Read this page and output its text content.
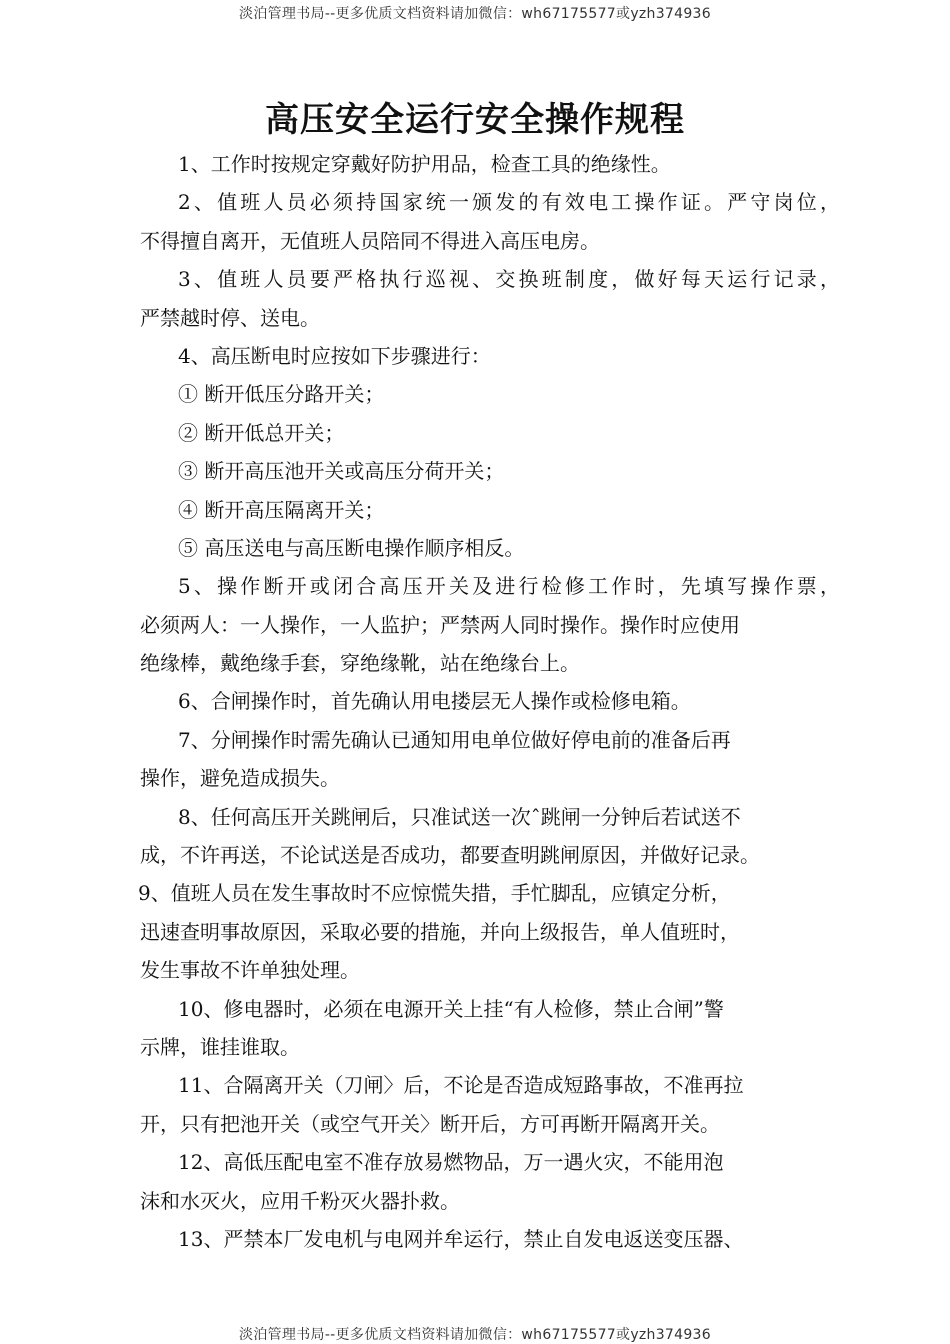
淡泊管理书局--更多优质文档资料请加微信：wh67175577或yzh374936
高压安全运行安全操作规程
1、工作时按规定穿戴好防护用品，检查工具的绝缘性。
2、值班人员必须持国家统一颁发的有效电工操作证。严守岗位，
不得擅自离开，无值班人员陪同不得进入高压电房。
3、值班人员要严格执行巡视、交换班制度，做好每天运行记录，
严禁越时停、送电。
4、高压断电时应按如下步骤进行：
① 断开低压分路开关；
② 断开低总开关；
③ 断开高压池开关或高压分荷开关；
④ 断开高压隔离开关；
⑤ 高压送电与高压断电操作顺序相反。
5、操作断开或闭合高压开关及进行检修工作时，先填写操作票，
必须两人：一人操作，一人监护；严禁两人同时操作。操作时应使用
绝缘棒，戴绝缘手套，穿绝缘靴，站在绝缘台上。
6、合闸操作时，首先确认用电搂层无人操作或检修电箱。
7、分闸操作时需先确认已通知用电单位做好停电前的准备后再
操作，避免造成损失。
8、任何高压开关跳闸后，只准试送一次ˆ跳闸一分钟后若试送不
成，不许再送，不论试送是否成功，都要查明跳闸原因，并做好记录。
9、值班人员在发生事故时不应惊慌失措，手忙脚乱，应镇定分析，
迅速查明事故原因，采取必要的措施，并向上级报告，单人值班时，
发生事故不许单独处理。
10、修电器时，必须在电源开关上挂“有人检修，禁止合闸”警
示牌，谁挂谁取。
11、合隔离开关（刀闸〉后，不论是否造成短路事故，不准再拉
开，只有把池开关（或空气开关〉断开后，方可再断开隔离开关。
12、高低压配电室不准存放易燃物品，万一遇火灾，不能用泡
沫和水灭火，应用千粉灭火器扑救。
13、严禁本厂发电机与电网并牟运行，禁止自发电返送变压器、
淡泊管理书局--更多优质文档资料请加微信：wh67175577或yzh374936
